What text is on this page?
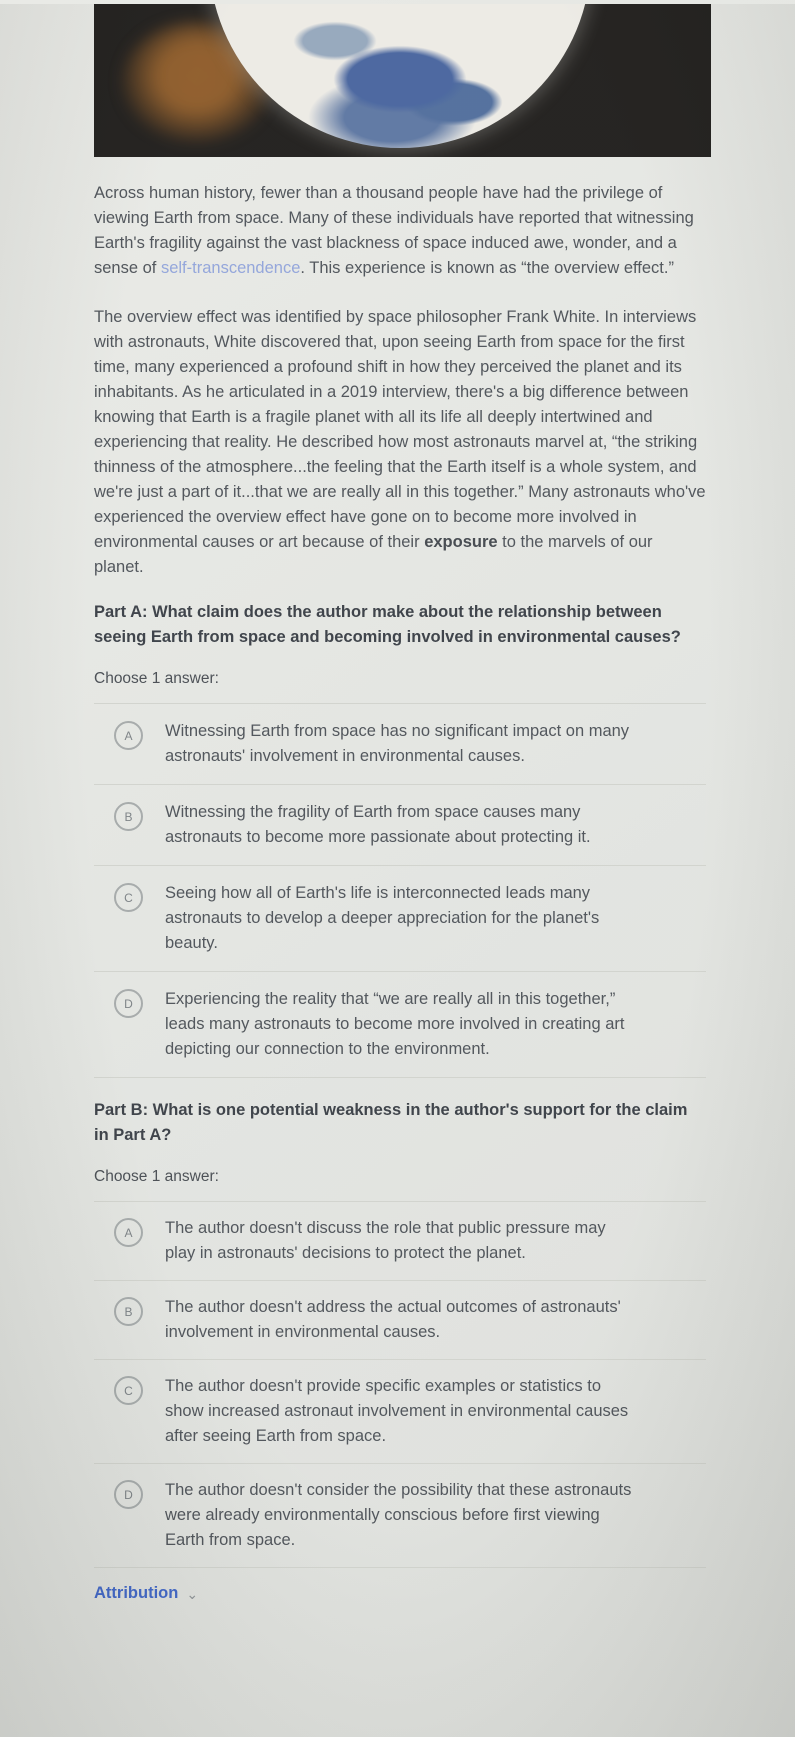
Across human history, fewer than a thousand people have had the privilege of viewing Earth from space. Many of these individuals have reported that witnessing Earth's fragility against the vast blackness of space induced awe, wonder, and a sense of self-transcendence. This experience is known as “the overview effect.”

The overview effect was identified by space philosopher Frank White. In interviews with astronauts, White discovered that, upon seeing Earth from space for the first time, many experienced a profound shift in how they perceived the planet and its inhabitants. As he articulated in a 2019 interview, there's a big difference between knowing that Earth is a fragile planet with all its life all deeply intertwined and experiencing that reality. He described how most astronauts marvel at, “the striking thinness of the atmosphere...the feeling that the Earth itself is a whole system, and we're just a part of it...that we are really all in this together.” Many astronauts who've experienced the overview effect have gone on to become more involved in environmental causes or art because of their exposure to the marvels of our planet.

Part A: What claim does the author make about the relationship between seeing Earth from space and becoming involved in environmental causes?

Choose 1 answer:

A Witnessing Earth from space has no significant impact on many astronauts' involvement in environmental causes.
B Witnessing the fragility of Earth from space causes many astronauts to become more passionate about protecting it.
C Seeing how all of Earth's life is interconnected leads many astronauts to develop a deeper appreciation for the planet's beauty.
D Experiencing the reality that “we are really all in this together,” leads many astronauts to become more involved in creating art depicting our connection to the environment.

Part B: What is one potential weakness in the author's support for the claim in Part A?

Choose 1 answer:

A The author doesn't discuss the role that public pressure may play in astronauts' decisions to protect the planet.
B The author doesn't address the actual outcomes of astronauts' involvement in environmental causes.
C The author doesn't provide specific examples or statistics to show increased astronaut involvement in environmental causes after seeing Earth from space.
D The author doesn't consider the possibility that these astronauts were already environmentally conscious before first viewing Earth from space.
Attribution ⌄
